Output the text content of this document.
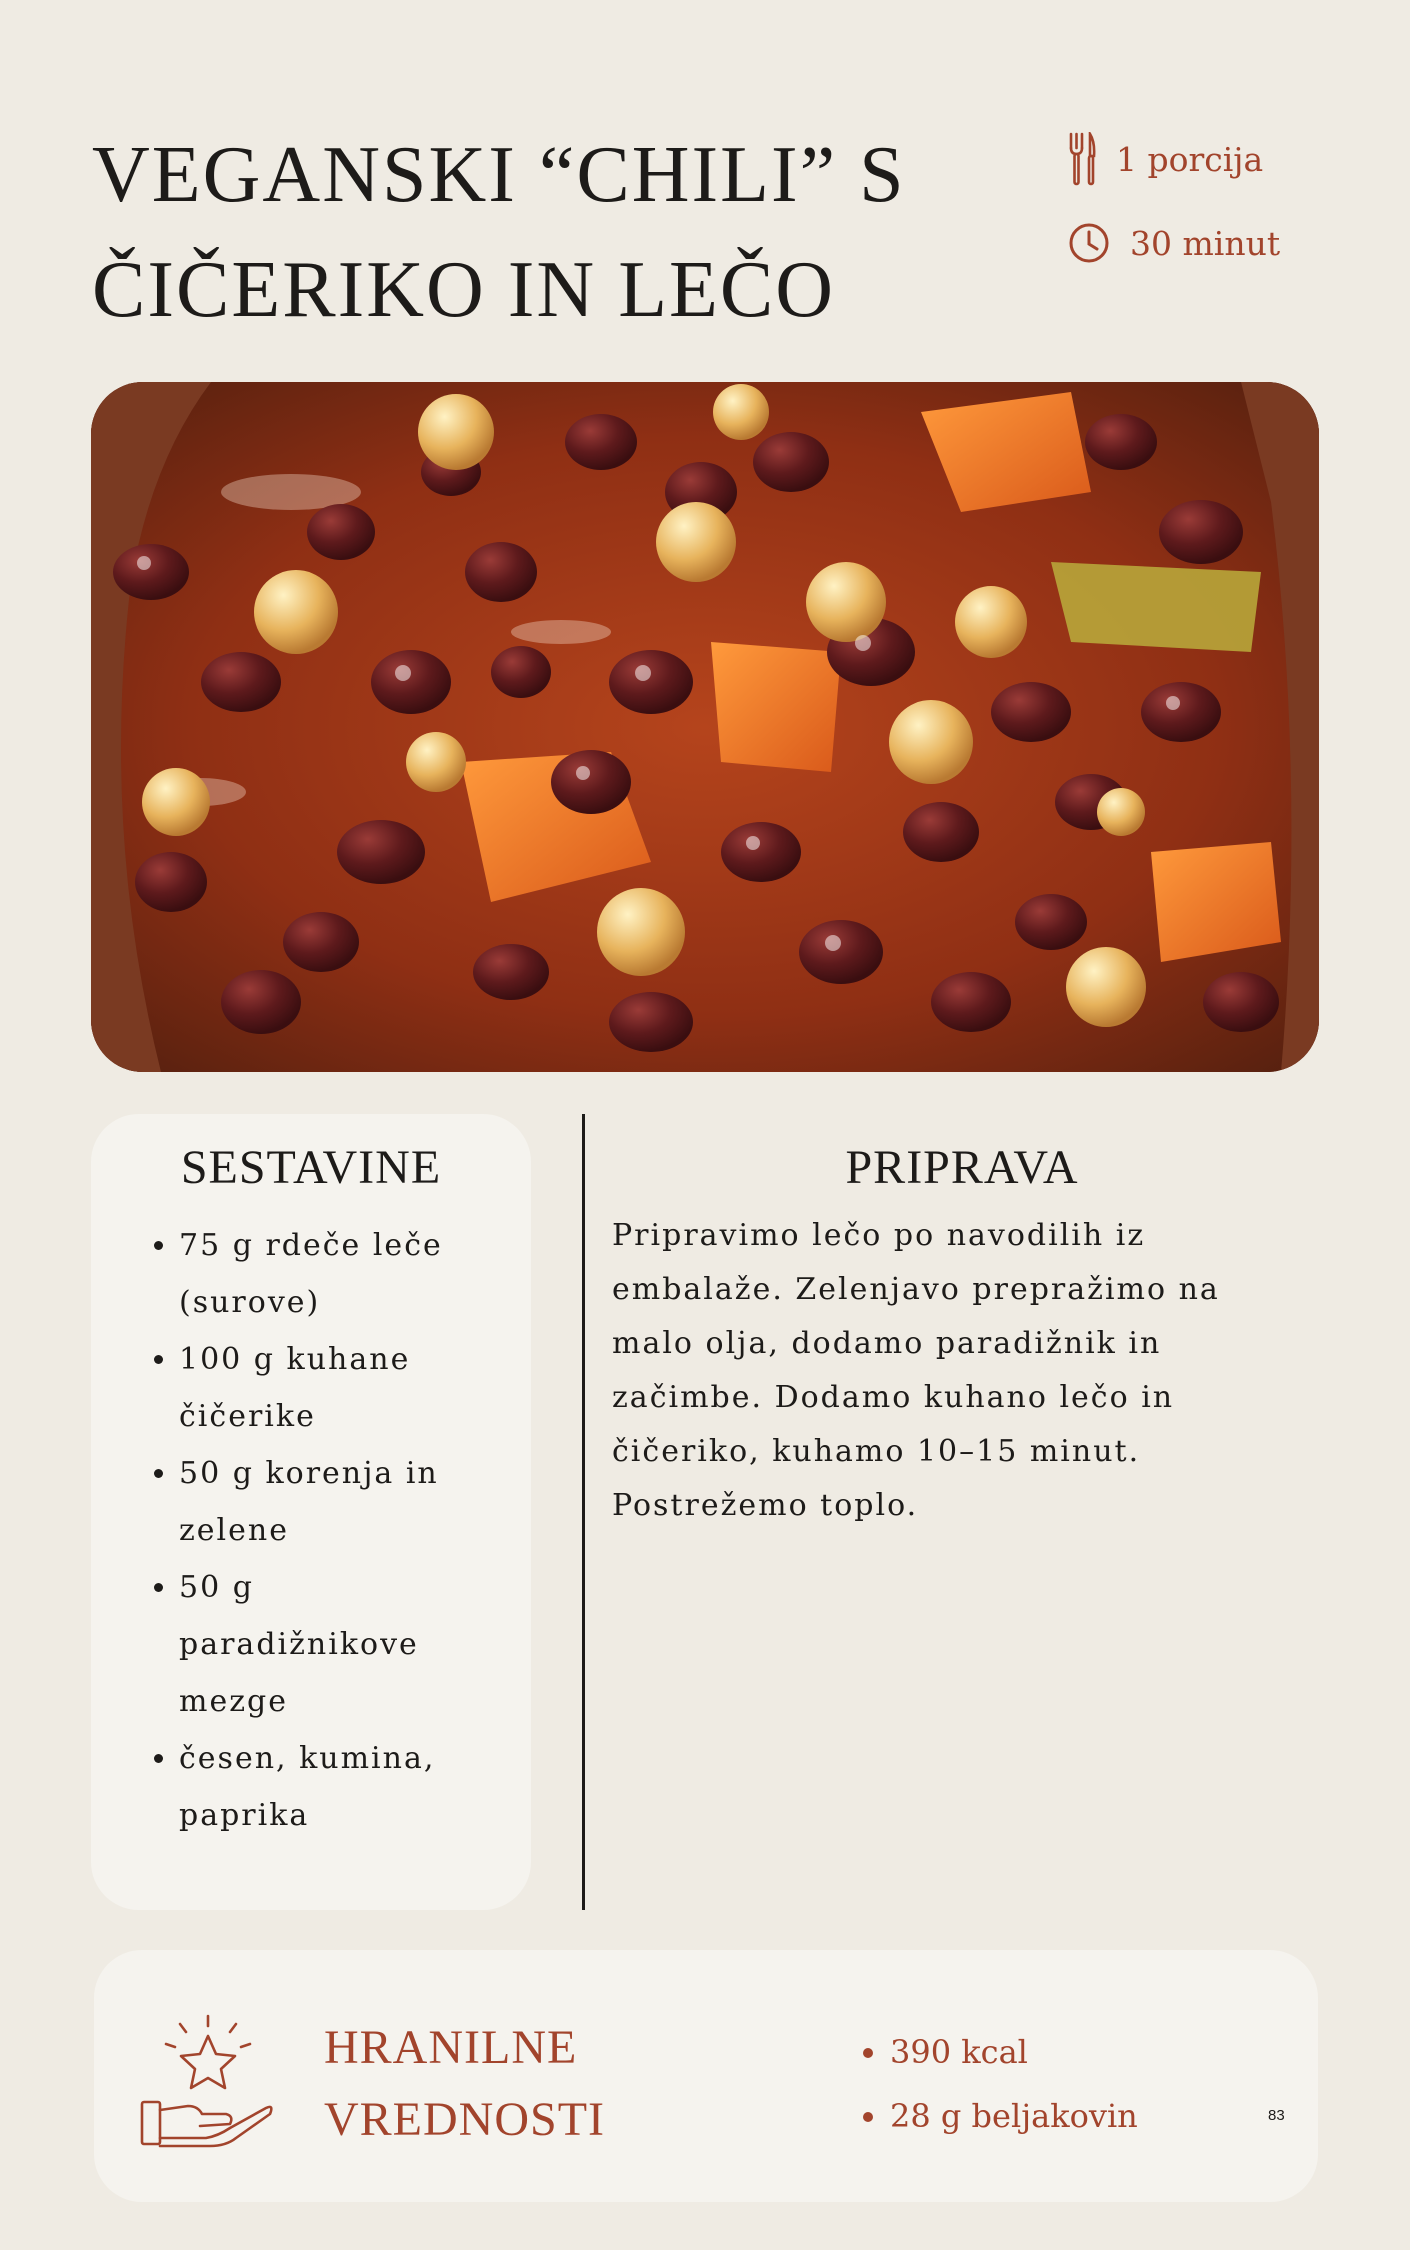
VEGANSKI “CHILI” S
ČIČERIKO IN LEČO
1 porcija
30 minut
SESTAVINE
• 75 g rdeče leče (surove)
• 100 g kuhane čičerike
• 50 g korenja in zelene
• 50 g paradižnikove mezge
• česen, kumina, paprika
PRIPRAVA

Pripravimo lečo po navodilih iz embalaže. Zelenjavo prepražimo na malo olja, dodamo paradižnik in začimbe. Dodamo kuhano lečo in čičeriko, kuhamo 10–15 minut. Postrežemo toplo.

HRANILNE
VREDNOSTI
• 390 kcal
• 28 g beljakovin	83
